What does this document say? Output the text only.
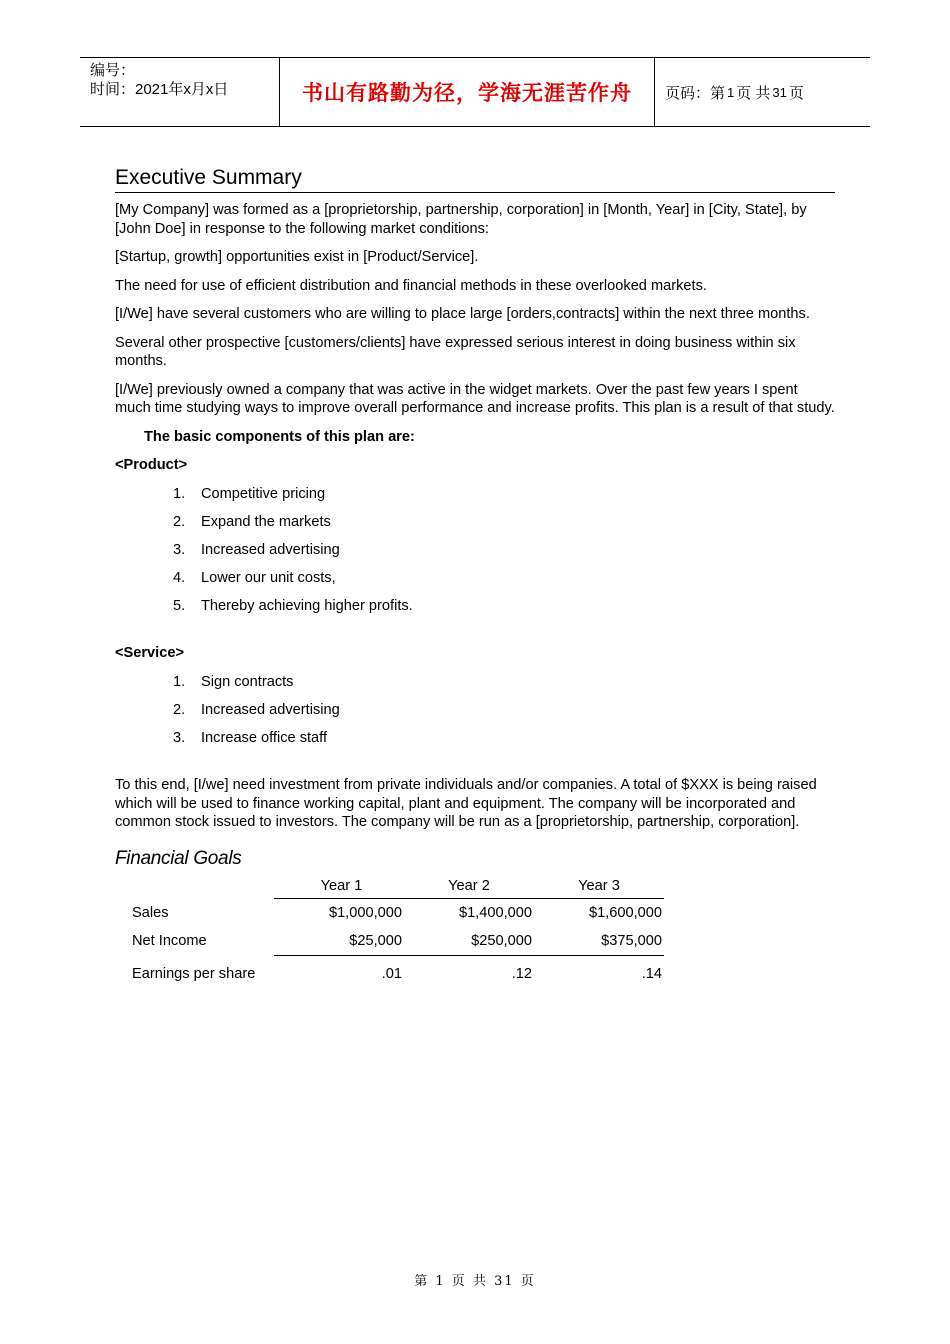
编号：
时间：2021年x月x日	书山有路勤为径，学海无涯苦作舟 页码：第 1 页 共 31 页
Executive Summary

[My Company] was formed as a [proprietorship, partnership, corporation] in [Month, Year] in [City, State], by [John Doe] in response to the following market conditions:

[Startup, growth] opportunities exist in [Product/Service].

The need for use of efficient distribution and financial methods in these overlooked markets.

[I/We] have several customers who are willing to place large [orders,contracts] within the next three months.

Several other prospective [customers/clients] have expressed serious interest in doing business within six months.

[I/We] previously owned a company that was active in the widget markets. Over the past few years I spent much time studying ways to improve overall performance and increase profits. This plan is a result of that study.

The basic components of this plan are:

<Product>

1.	Competitive pricing
2.	Expand the markets
3.	Increased advertising
4.	Lower our unit costs,
5.	Thereby achieving higher profits.

<Service>

1.	Sign contracts
2.	Increased advertising
3.	Increase office staff

To this end, [I/we] need investment from private individuals and/or companies. A total of $XXX is being raised which will be used to finance working capital, plant and equipment. The company will be incorporated and common stock issued to investors. The company will be run as a [proprietorship, partnership, corporation].

Financial Goals
	Year 1	Year 2	Year 3
Sales	$1,000,000	$1,400,000	$1,600,000
Net Income	$25,000	$250,000	$375,000
Earnings per share	.01	.12	.14
第 1 页 共 31 页
